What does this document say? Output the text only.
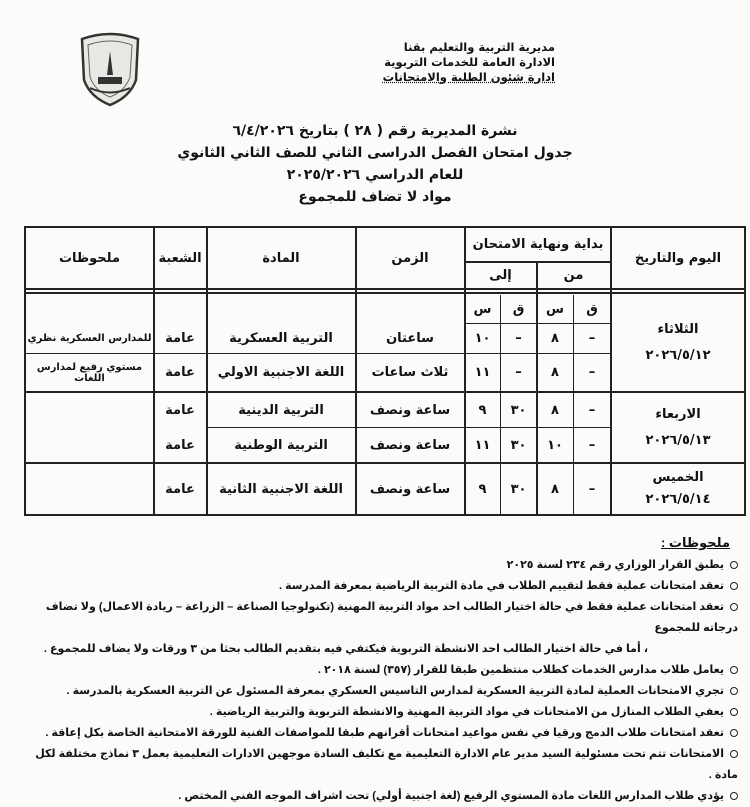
مديرية التربية والتعليم بقنا
الادارة العامة للخدمات التربوية
ادارة شئون الطلبة والامتحانات
نشرة المديرية رقم ( ٢٨ ) بتاريخ ٦/٤/٢٠٢٦
جدول امتحان الفصل الدراسى الثاني للصف الثاني الثانوي
للعام الدراسي ٢٠٢٥/٢٠٢٦
مواد لا تضاف للمجموع
اليوم والتاريخ
بداية ونهاية الامتحان
من
إلى
الزمن
المادة
الشعبة
ملحوظات
ق
س
ق
س
الثلاثاء
٢٠٢٦/٥/١٢
الاربعاء
٢٠٢٦/٥/١٣
الخميس
٢٠٢٦/٥/١٤
–
٨
–
١٠
ساعتان
التربية العسكرية
عامة
للمدارس العسكرية نظري
–
٨
–
١١
ثلاث ساعات
اللغة الاجنبية الاولي
عامة
مستوي رفيع لمدارس اللغات
–
٨
٣٠
٩
ساعة ونصف
التربية الدينية
عامة
–
١٠
٣٠
١١
ساعة ونصف
التربية الوطنية
عامة
–
٨
٣٠
٩
ساعة ونصف
اللغة الاجنبية الثانية
عامة
ملحوظات :
يطبق القرار الوزاري رقم ٢٣٤ لسنة ٢٠٢٥
تعقد امتحانات عملية فقط لتقييم الطلاب في مادة التربية الرياضية بمعرفة المدرسة .
تعقد امتحانات عملية فقط في حالة اختيار الطالب احد مواد التربية المهنية (تكنولوجيا الصناعة – الزراعة – ريادة الاعمال) ولا تضاف درجاته للمجموع
، أما في حالة اختيار الطالب احد الانشطة التربوية فيكتفي فيه بتقديم الطالب بحثا من ٣ ورقات ولا يضاف للمجموع .
يعامل طلاب مدارس الخدمات كطلاب منتظمين طبقا للقرار (٣٥٧) لسنة ٢٠١٨ .
تجري الامتحانات العملية لمادة التربية العسكرية لمدارس التاسيس العسكري بمعرفة المسئول عن التربية العسكرية بالمدرسة .
يعفي الطلاب المنازل من الامتحانات في مواد التربية المهنية والانشطة التربوية والتربية الرياضية .
تعقد امتحانات طلاب الدمج ورقيا في نفس مواعيد امتحانات أقرانهم طبقا للمواصفات الفنية للورقة الامتحانية الخاصة بكل إعاقة .
الامتحانات تتم تحت مسئولية السيد مدير عام الادارة التعليمية مع تكليف السادة موجهين الادارات التعليمية بعمل ٣ نماذج مختلفة لكل مادة .
يؤدي طلاب المدارس اللغات مادة المستوي الرفيع (لغة اجنبية أولي) تحت اشراف الموجه الفني المختص .
